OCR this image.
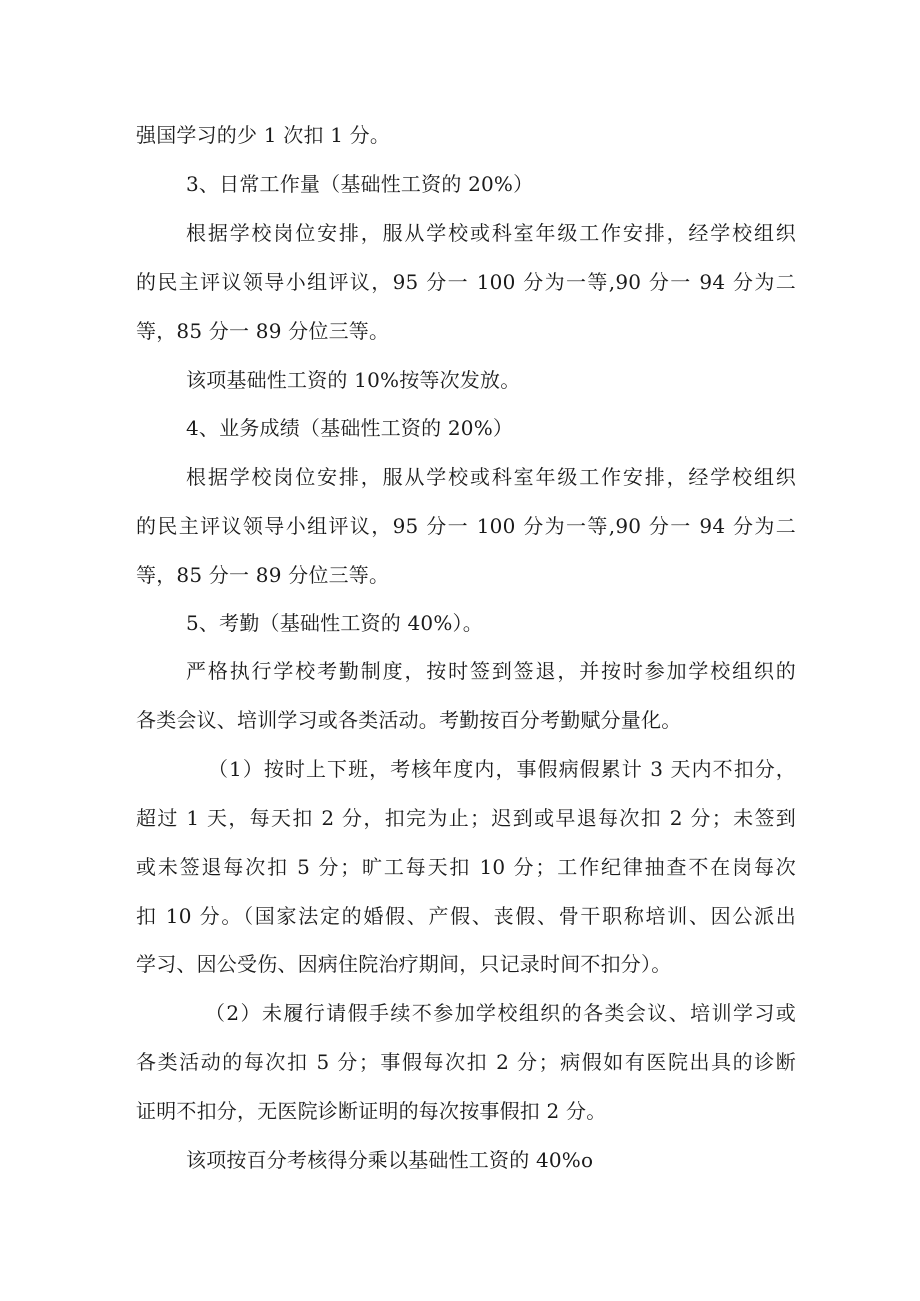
强国学习的少 1 次扣 1 分。
3、日常工作量（基础性工资的 20%）
根据学校岗位安排，服从学校或科室年级工作安排，经学校组织
的民主评议领导小组评议，95 分一 100 分为一等,90 分一 94 分为二
等，85 分一 89 分位三等。
该项基础性工资的 10%按等次发放。
4、业务成绩（基础性工资的 20%）
根据学校岗位安排，服从学校或科室年级工作安排，经学校组织
的民主评议领导小组评议，95 分一 100 分为一等,90 分一 94 分为二
等，85 分一 89 分位三等。
5、考勤（基础性工资的 40%）。
严格执行学校考勤制度，按时签到签退，并按时参加学校组织的
各类会议、培训学习或各类活动。考勤按百分考勤赋分量化。
（1）按时上下班，考核年度内，事假病假累计 3 天内不扣分，
超过 1 天，每天扣 2 分，扣完为止；迟到或早退每次扣 2 分；未签到
或未签退每次扣 5 分；旷工每天扣 10 分；工作纪律抽查不在岗每次
扣 10 分。（国家法定的婚假、产假、丧假、骨干职称培训、因公派出
学习、因公受伤、因病住院治疗期间，只记录时间不扣分）。
（2）未履行请假手续不参加学校组织的各类会议、培训学习或
各类活动的每次扣 5 分；事假每次扣 2 分；病假如有医院出具的诊断
证明不扣分，无医院诊断证明的每次按事假扣 2 分。
该项按百分考核得分乘以基础性工资的 40%o
